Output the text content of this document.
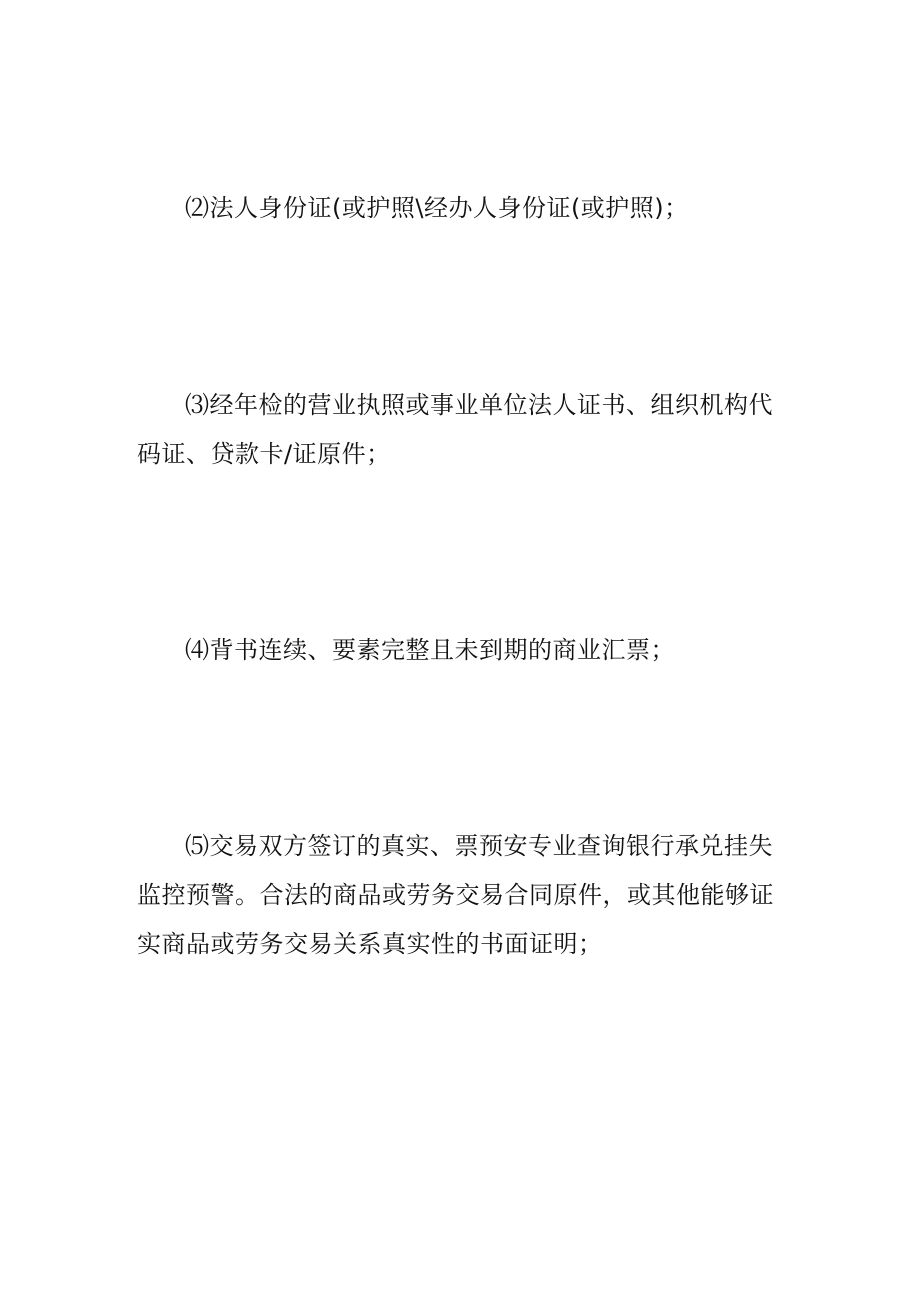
⑵法人身份证(或护照\经办人身份证(或护照)；

⑶经年检的营业执照或事业单位法人证书、组织机构代码证、贷款卡/证原件；

⑷背书连续、要素完整且未到期的商业汇票；

⑸交易双方签订的真实、票预安专业查询银行承兑挂失监控预警。合法的商品或劳务交易合同原件，或其他能够证实商品或劳务交易关系真实性的书面证明；
